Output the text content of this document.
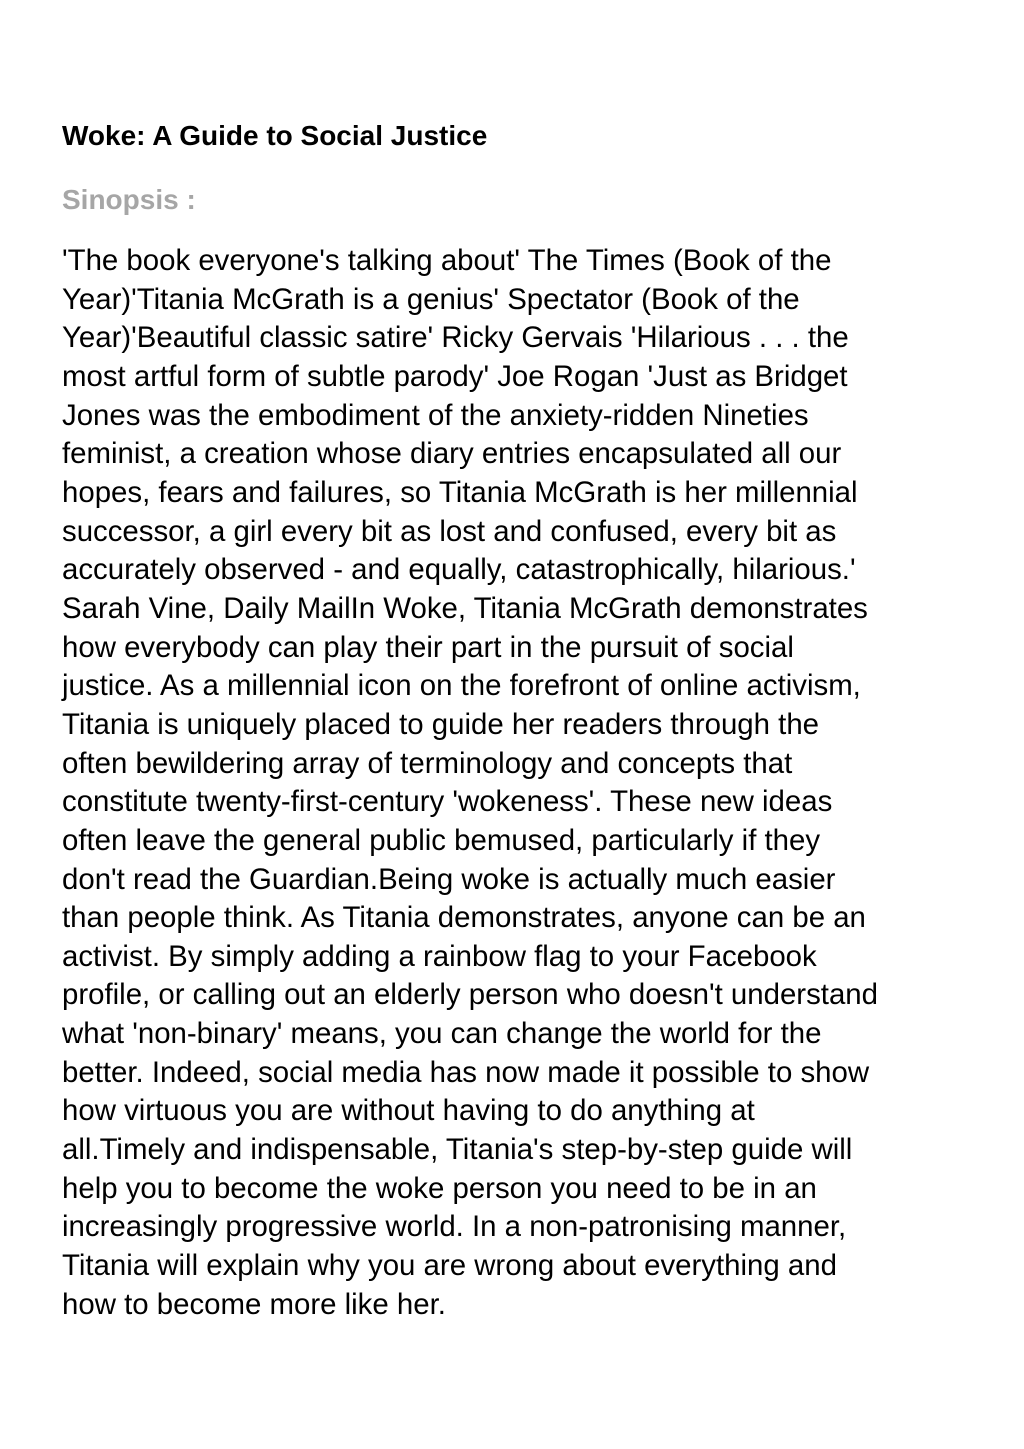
Woke: A Guide to Social Justice
Sinopsis :

'The book everyone's talking about' The Times (Book of the
Year)'Titania McGrath is a genius' Spectator (Book of the
Year)'Beautiful classic satire' Ricky Gervais 'Hilarious . . . the
most artful form of subtle parody' Joe Rogan 'Just as Bridget
Jones was the embodiment of the anxiety-ridden Nineties
feminist, a creation whose diary entries encapsulated all our
hopes, fears and failures, so Titania McGrath is her millennial
successor, a girl every bit as lost and confused, every bit as
accurately observed - and equally, catastrophically, hilarious.'
Sarah Vine, Daily MailIn Woke, Titania McGrath demonstrates
how everybody can play their part in the pursuit of social
justice. As a millennial icon on the forefront of online activism,
Titania is uniquely placed to guide her readers through the
often bewildering array of terminology and concepts that
constitute twenty-first-century 'wokeness'. These new ideas
often leave the general public bemused, particularly if they
don't read the Guardian.Being woke is actually much easier
than people think. As Titania demonstrates, anyone can be an
activist. By simply adding a rainbow flag to your Facebook
profile, or calling out an elderly person who doesn't understand
what 'non-binary' means, you can change the world for the
better. Indeed, social media has now made it possible to show
how virtuous you are without having to do anything at
all.Timely and indispensable, Titania's step-by-step guide will
help you to become the woke person you need to be in an
increasingly progressive world. In a non-patronising manner,
Titania will explain why you are wrong about everything and
how to become more like her.
